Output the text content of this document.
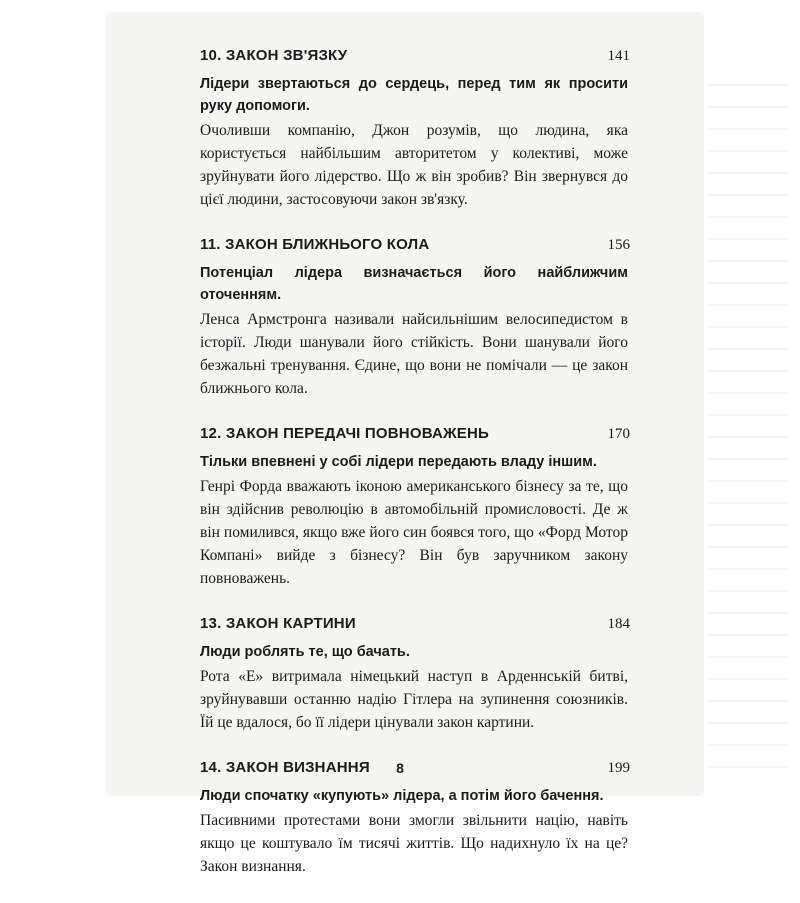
10. ЗАКОН ЗВ'ЯЗКУ	141
Лідери звертаються до сердець, перед тим як просити руку допомоги.
Очоливши компанію, Джон розумів, що людина, яка користується найбільшим авторитетом у колективі, може зруйнувати його лідерство. Що ж він зробив? Він звернувся до цієї людини, застосовуючи закон зв'язку.
11. ЗАКОН БЛИЖНЬОГО КОЛА	156
Потенціал лідера визначається його найближчим оточенням.
Ленса Армстронга називали найсильнішим велосипедистом в історії. Люди шанували його стійкість. Вони шанували його безжальні тренування. Єдине, що вони не помічали — це закон ближнього кола.
12. ЗАКОН ПЕРЕДАЧІ ПОВНОВАЖЕНЬ	170
Тільки впевнені у собі лідери передають владу іншим.
Генрі Форда вважають іконою американського бізнесу за те, що він здійснив революцію в автомобільній промисловості. Де ж він помилився, якщо вже його син боявся того, що «Форд Мотор Компані» вийде з бізнесу? Він був заручником закону повноважень.
13. ЗАКОН КАРТИНИ	184
Люди роблять те, що бачать.
Рота «Е» витримала німецький наступ в Арденнській битві, зруйнувавши останню надію Гітлера на зупинення союзників. Їй це вдалося, бо її лідери цінували закон картини.
14. ЗАКОН ВИЗНАННЯ	199
Люди спочатку «купують» лідера, а потім його бачення.
Пасивними протестами вони змогли звільнити націю, навіть якщо це коштувало їм тисячі життів. Що надихнуло їх на це? Закон визнання.
8
